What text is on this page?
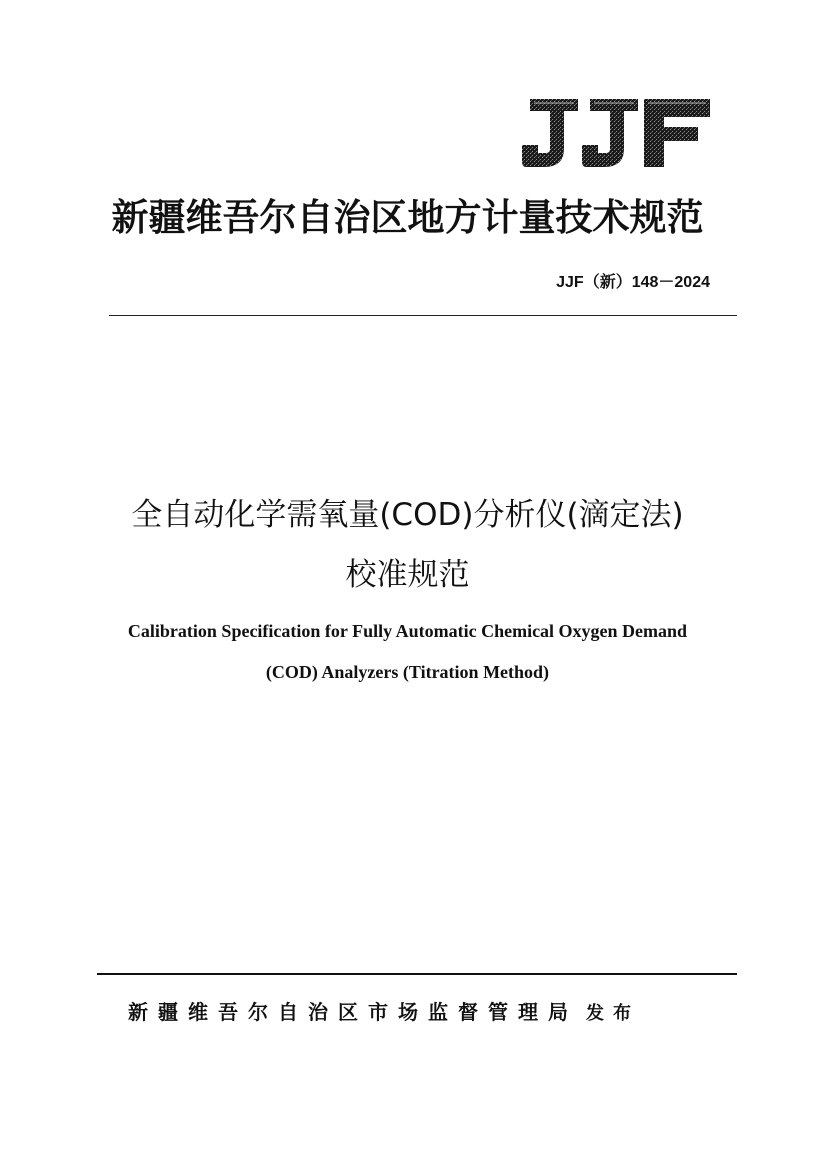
新疆维吾尔自治区地方计量技术规范
JJF（新）148－2024
全自动化学需氧量(COD)分析仪(滴定法)
校准规范
Calibration Specification for Fully Automatic Chemical Oxygen Demand
(COD) Analyzers (Titration Method)
新疆维吾尔自治区市场监督管理局 发布
